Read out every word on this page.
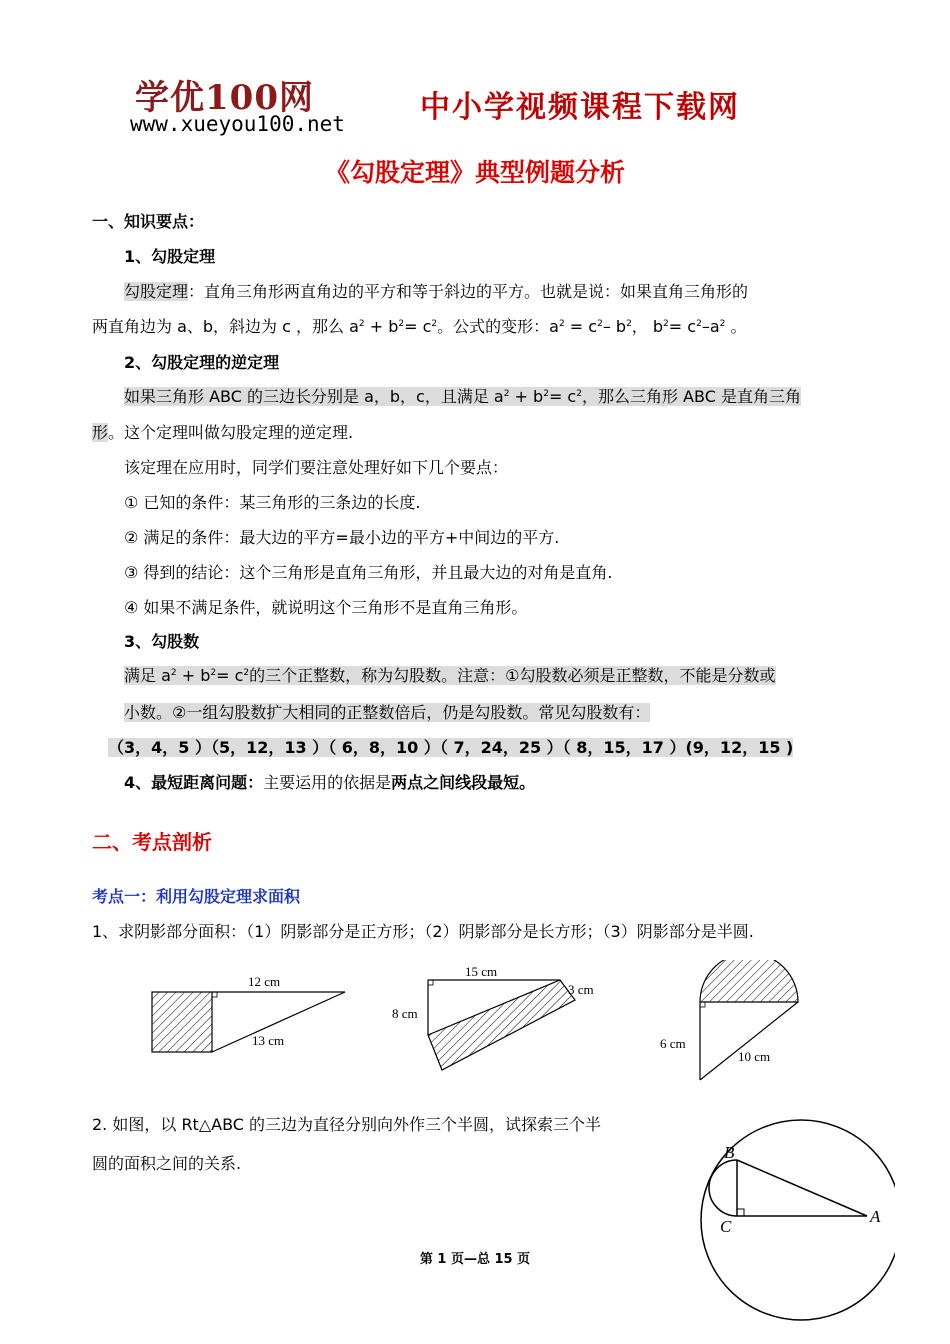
学优100网
www.xueyou100.net	中小学视频课程下载网
《勾股定理》典型例题分析
一、知识要点：
1、勾股定理
勾股定理：直角三角形两直角边的平方和等于斜边的平方。也就是说：如果直角三角形的
两直角边为 a、b，斜边为 c ，那么 $a^2 + b^2= c^2$。公式的变形：$a^2 = c^2-$ $b^2$， $b^2= c^2-a^2$ 。
2、勾股定理的逆定理
如果三角形 ABC 的三边长分别是 a，b，c，且满足 $a^2 + b^2= c^2$，那么三角形 ABC 是直角三角
形。这个定理叫做勾股定理的逆定理.
该定理在应用时，同学们要注意处理好如下几个要点：
① 已知的条件：某三角形的三条边的长度.
② 满足的条件：最大边的平方=最小边的平方+中间边的平方.
③ 得到的结论：这个三角形是直角三角形，并且最大边的对角是直角.
④ 如果不满足条件，就说明这个三角形不是直角三角形。
3、勾股数
满足 $a^2 + b^2= c^2$的三个正整数，称为勾股数。注意：①勾股数必须是正整数，不能是分数或
小数。②一组勾股数扩大相同的正整数倍后，仍是勾股数。常见勾股数有：
（3，4，5 ）（5，12，13 ）（ 6，8，10 ）（ 7，24，25 ）（ 8，15，17 ）(9，12，15 )
4、最短距离问题：主要运用的依据是两点之间线段最短。
二、考点剖析
考点一：利用勾股定理求面积
1、求阴影部分面积：（1）阴影部分是正方形；（2）阴影部分是长方形；（3）阴影部分是半圆.
12 cm
13 cm
15 cm
8 cm
3 cm
6 cm
10 cm
2. 如图，以 Rt△ABC 的三边为直径分别向外作三个半圆，试探索三个半
圆的面积之间的关系.
B
C
A
第 1 页—总 15 页
